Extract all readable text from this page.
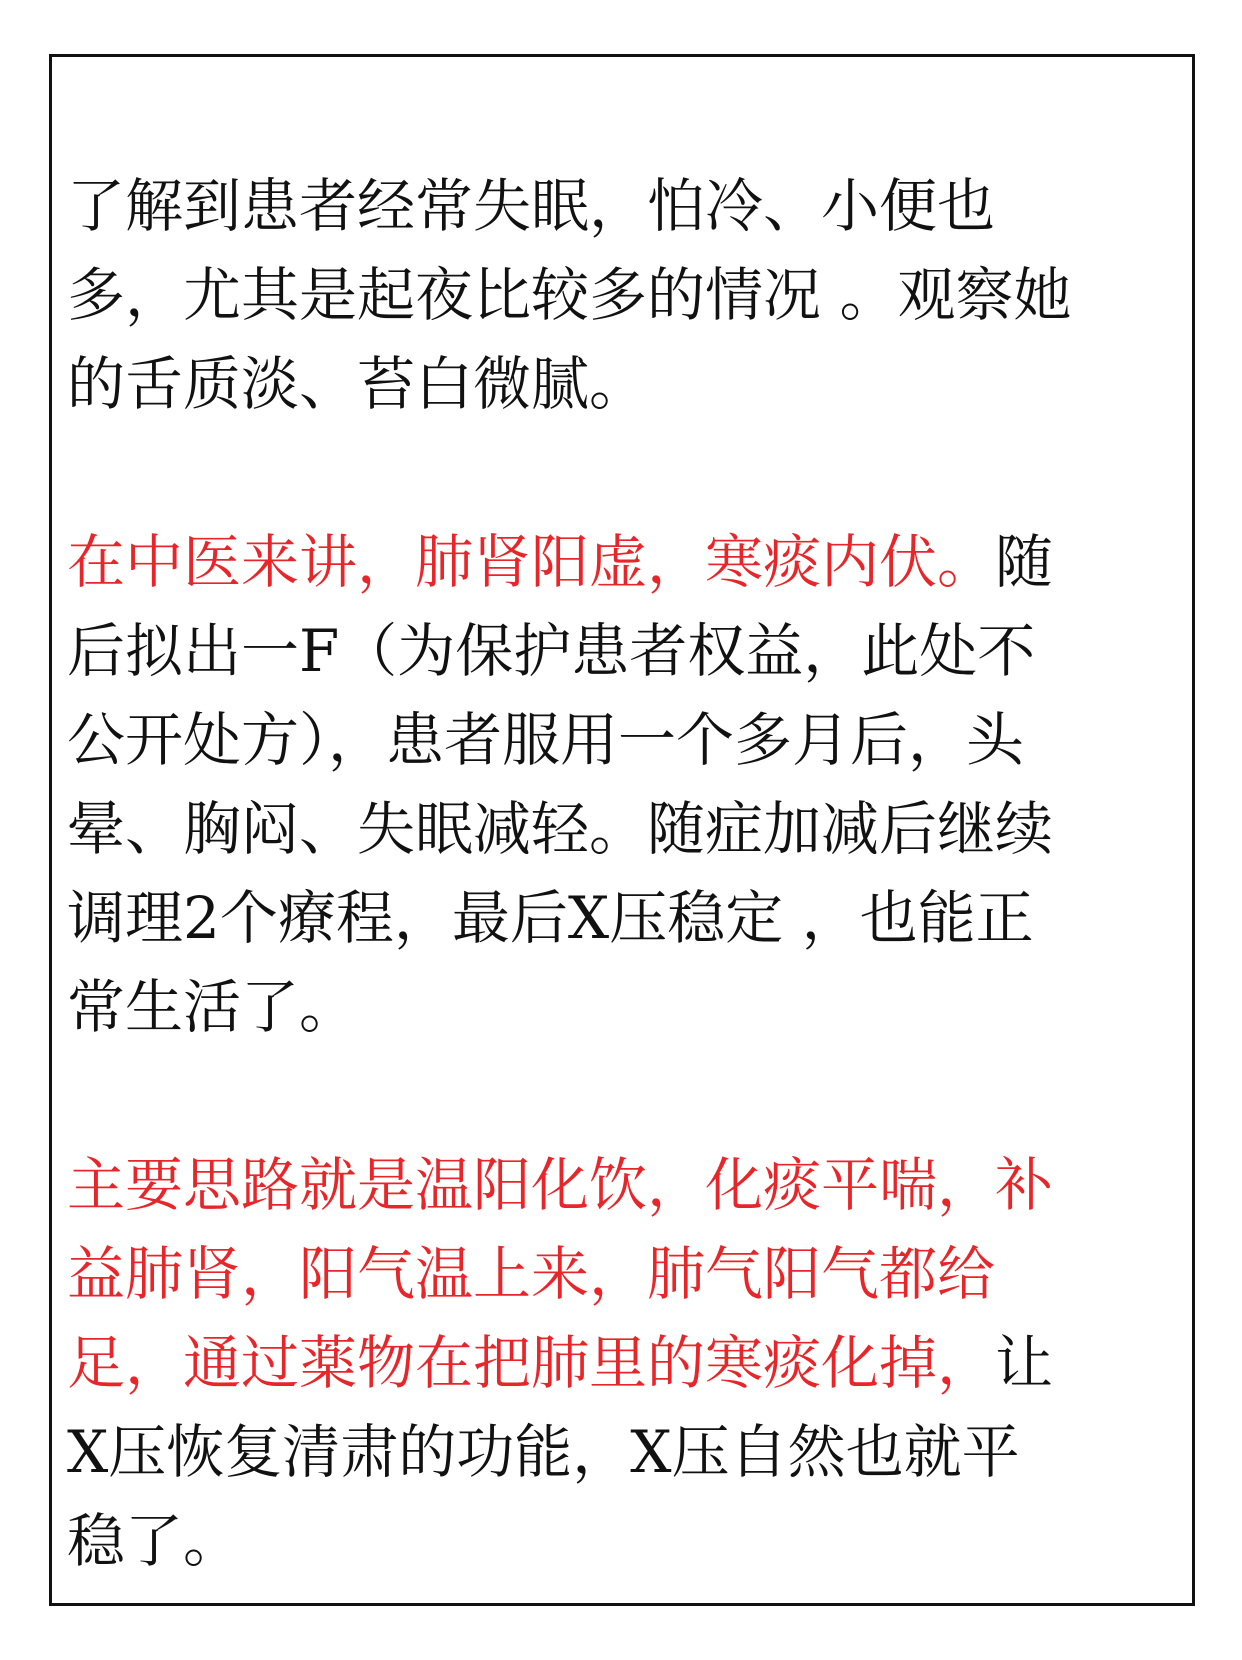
了解到患者经常失眠，怕冷、小便也
多，尤其是起夜比较多的情况 。观察她
的舌质淡、苔白微腻。

在中医来讲，肺肾阳虚，寒痰内伏。随
后拟出一F（为保护患者权益，此处不
公开处方），患者服用一个多月后，头
晕、胸闷、失眠减轻。随症加减后继续
调理2个療程，最后X压稳定 ，也能正
常生活了。

主要思路就是温阳化饮，化痰平喘，补
益肺肾，阳气温上来，肺气阳气都给
足，通过薬物在把肺里的寒痰化掉，让
X压恢复清肃的功能，X压自然也就平
稳了。
